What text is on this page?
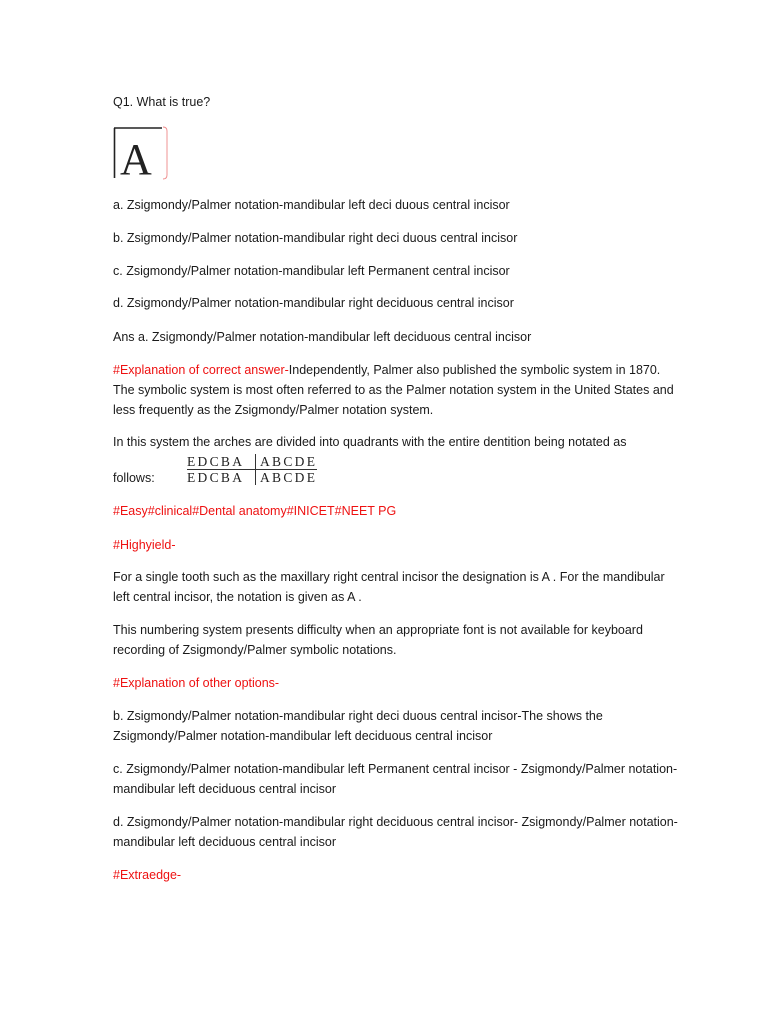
Q1. What is true?
A
a. Zsigmondy/Palmer notation-mandibular left deci duous central incisor
b. Zsigmondy/Palmer notation-mandibular right deci duous central incisor
c. Zsigmondy/Palmer notation-mandibular left Permanent central incisor
d. Zsigmondy/Palmer notation-mandibular right deciduous central incisor
Ans a. Zsigmondy/Palmer notation-mandibular left deciduous central incisor
#Explanation of correct answer-Independently, Palmer also published the symbolic system in 1870. The symbolic system is most often referred to as the Palmer notation system in the United States and less frequently as the Zsigmondy/Palmer notation system.
In this system the arches are divided into quadrants with the entire dentition being notated as
follows:
#Easy#clinical#Dental anatomy#INICET#NEET PG
#Highyield-
For a single tooth such as the maxillary right central incisor the designation is A . For the mandibular left central incisor, the notation is given as A .
This numbering system presents difficulty when an appropriate font is not available for keyboard recording of Zsigmondy/Palmer symbolic notations.
#Explanation of other options-
b. Zsigmondy/Palmer notation-mandibular right deci duous central incisor-The shows the Zsigmondy/Palmer notation-mandibular left deciduous central incisor
c. Zsigmondy/Palmer notation-mandibular left Permanent central incisor - Zsigmondy/Palmer notation-mandibular left deciduous central incisor
d. Zsigmondy/Palmer notation-mandibular right deciduous central incisor- Zsigmondy/Palmer notation-mandibular left deciduous central incisor
#Extraedge-
EDCBA	ABCDE
EDCBA	ABCDE
